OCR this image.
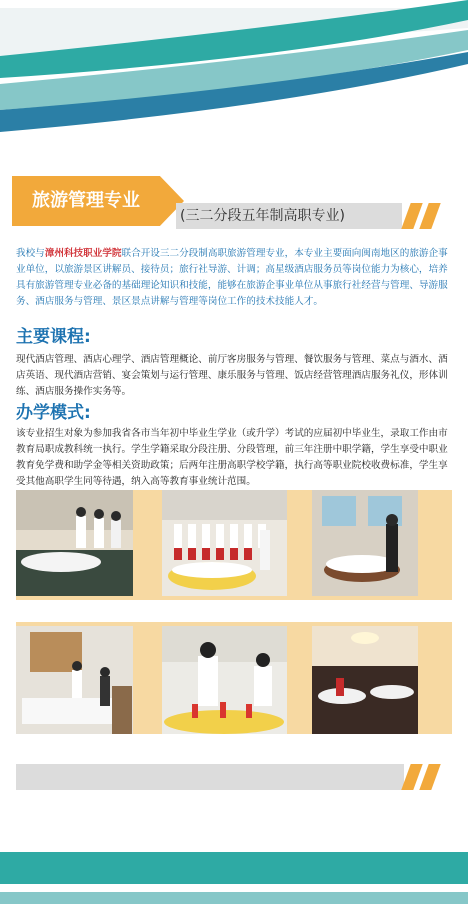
旅游管理专业
(三二分段五年制高职专业)
我校与漳州科技职业学院联合开设三二分段制高职旅游管理专业，本专业主要面向闽南地区的旅游企事业单位，以旅游景区讲解员、接待员；旅行社导游、计调；高星级酒店服务员等岗位能力为核心，培养具有旅游管理专业必备的基础理论知识和技能，能够在旅游企事业单位从事旅行社经营与管理、导游服务、酒店服务与管理、景区景点讲解与管理等岗位工作的技术技能人才。
主要课程:
现代酒店管理、酒店心理学、酒店管理概论、前厅客房服务与管理、餐饮服务与管理、菜点与酒水、酒店英语、现代酒店营销、宴会策划与运行管理、康乐服务与管理、饭店经营管理酒店服务礼仪，形体训练、酒店服务操作实务等。
办学模式:
该专业招生对象为参加我省各市当年初中毕业生学业（或升学）考试的应届初中毕业生，录取工作由市教育局职成教科统一执行。学生学籍采取分段注册、分段管理，前三年注册中职学籍，学生享受中职业教育免学费和助学金等相关资助政策；后两年注册高职学校学籍，执行高等职业院校收费标准，学生享受其他高职学生同等待遇，纳入高等教育事业统计范围。
